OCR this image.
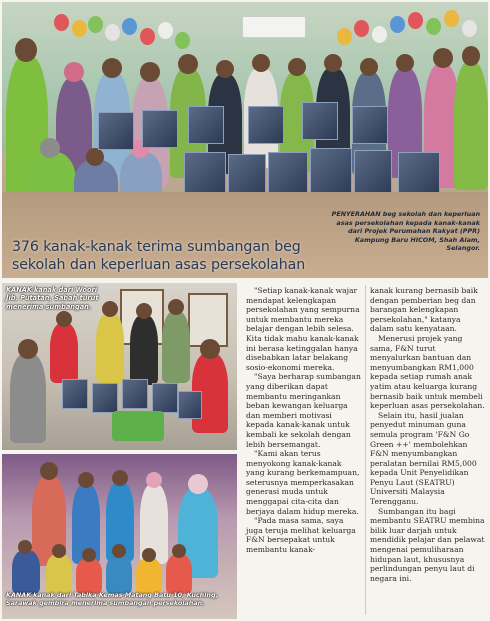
PENYERAHAN beg sekolah dan keperluan asas persekolahan kepada kanak-kanak dari Projek Perumahan Rakyat (PPR) Kampung Baru HICOM, Shah Alam, Selangor.
376 kanak-kanak terima sumbangan beg sekolah dan keperluan asas persekolahan
KANAK-kanak dari Woori Jib, Putatan, Sabah turut menerima sumbangan.
KANAK-kanak dari Tabika Kemas Matang Batu 10, Kuching, Sarawak gembira menerima sumbangan persekolahan.

"Setiap kanak-kanak wajar mendapat kelengkapan persekolahan yang sempurna untuk membantu mereka belajar dengan lebih selesa. Kita tidak mahu kanak-kanak ini berasa ketinggalan hanya disebabkan latar belakang sosio-ekonomi mereka.

"Saya berharap sumbangan yang diberikan dapat membantu meringankan beban kewangan keluarga dan memberi motivasi kepada kanak-kanak untuk kembali ke sekolah dengan lebih bersemangat.

"Kami akan terus menyokong kanak-kanak yang kurang berkemampuan, seterusnya memperkasakan generasi muda untuk menggapai cita-cita dan berjaya dalam hidup mereka.

"Pada masa sama, saya juga teruja melihat keluarga F&N bersepakat untuk membantu kanak-

kanak kurang bernasib baik dengan pemberian beg dan barangan kelengkapan persekolahan," katanya dalam satu kenyataan.

Menerusi projek yang sama, F&N turut menyalurkan bantuan dan menyumbangkan RM1,000 kepada setiap rumah anak yatim atau keluarga kurang bernasib baik untuk membeli keperluan asas persekolahan.

Selain itu, hasil jualan penyedut minuman guna semula program 'F&N Go Green ++' membolehkan F&N menyumbangkan peralatan bernilai RM5,000 kepada Unit Penyelidikan Penyu Laut (SEATRU) Universiti Malaysia Terengganu.

Sumbangan itu bagi membantu SEATRU membina bilik luar darjah untuk mendidik pelajar dan pelawat mengenai pemuliharaan hidupan laut, khususnya perlindungan penyu laut di negara ini.
